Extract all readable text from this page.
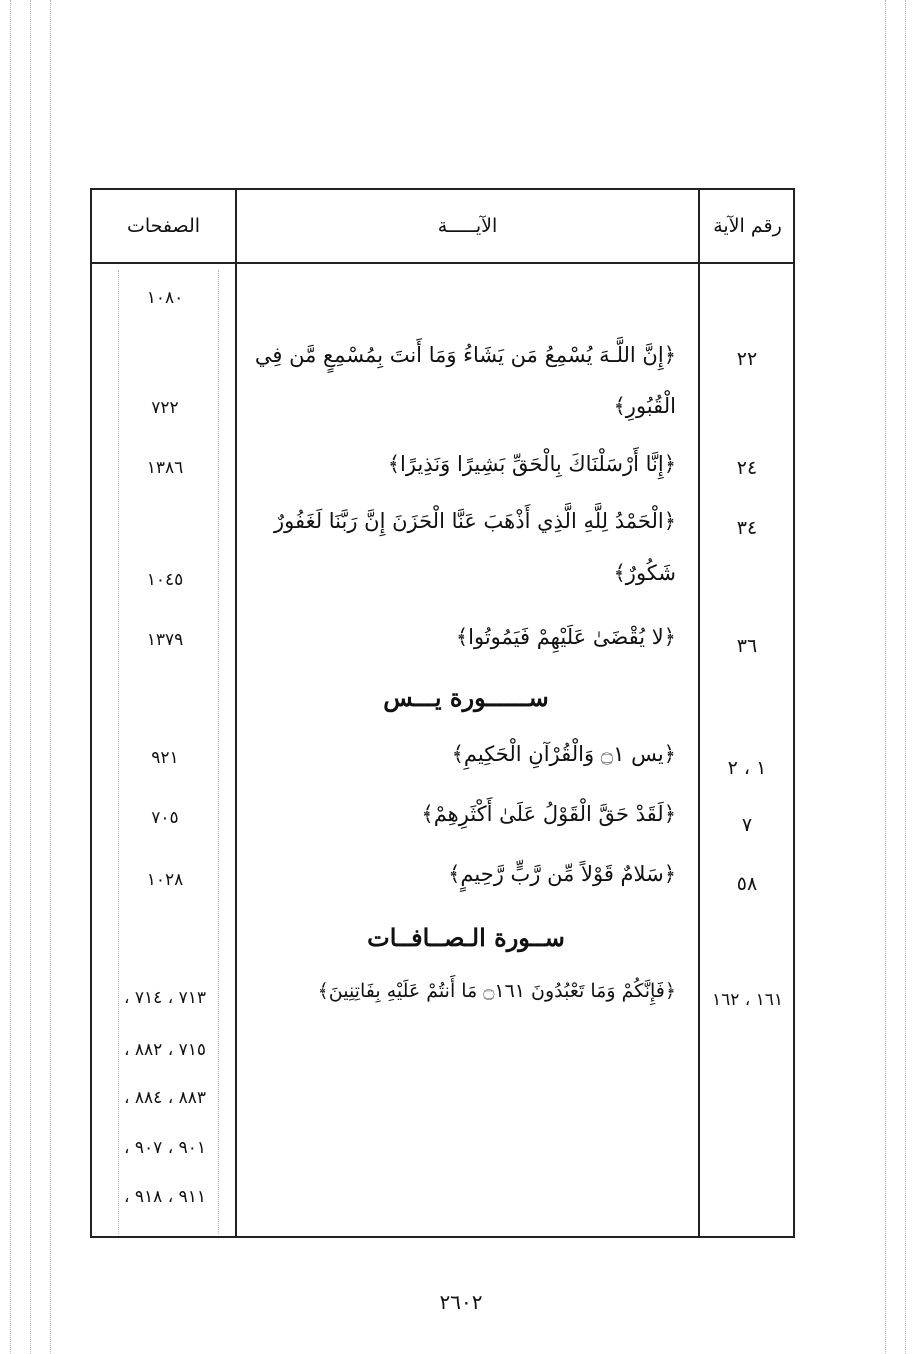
الصفحات	الآيـــــة	رقم الآية
١٠٨٠
٢٢
﴿إِنَّ اللَّـهَ يُسْمِعُ مَن يَشَاءُ وَمَا أَنتَ بِمُسْمِعٍ مَّن فِي
الْقُبُورِ﴾
٧٢٢
٢٤
﴿إِنَّا أَرْسَلْنَاكَ بِالْحَقِّ بَشِيرًا وَنَذِيرًا﴾
١٣٨٦
٣٤
﴿الْحَمْدُ لِلَّهِ الَّذِي أَذْهَبَ عَنَّا الْحَزَنَ إِنَّ رَبَّنَا لَغَفُورٌ
شَكُورٌ﴾
١٠٤٥
٣٦
﴿لا يُقْضَىٰ عَلَيْهِمْ فَيَمُوتُوا﴾
١٣٧٩
ســــــورة يـــس
١ ، ٢
﴿يس ۝١ وَالْقُرْآنِ الْحَكِيمِ﴾
٩٢١
٧
﴿لَقَدْ حَقَّ الْقَوْلُ عَلَىٰ أَكْثَرِهِمْ﴾
٧٠٥
٥٨
﴿سَلامٌ قَوْلاً مِّن رَّبٍّ رَّحِيمٍ﴾
١٠٢٨
ســورة الـصــافــات
١٦١ ، ١٦٢
﴿فَإِنَّكُمْ وَمَا تَعْبُدُونَ ۝١٦١ مَا أَنتُمْ عَلَيْهِ بِفَاتِنِينَ﴾
٧١٣ ، ٧١٤ ،
٧١٥ ، ٨٨٢ ،
٨٨٣ ، ٨٨٤ ،
٩٠١ ، ٩٠٧ ،
٩١١ ، ٩١٨ ،
٢٦٠٢
